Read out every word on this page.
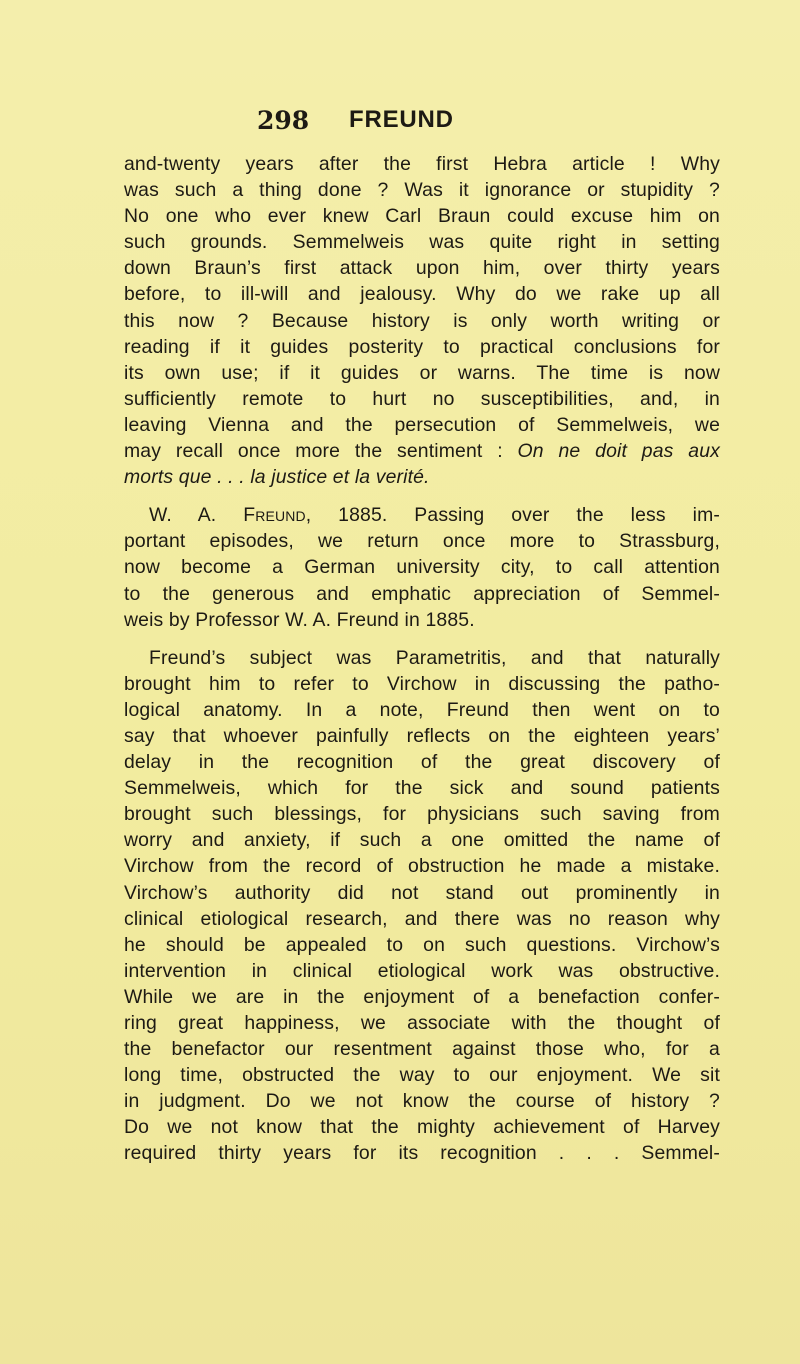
298 FREUND
and-twenty years after the first Hebra article ! Why
was such a thing done ? Was it ignorance or stupidity ?
No one who ever knew Carl Braun could excuse him on
such grounds. Semmelweis was quite right in setting
down Braun’s first attack upon him, over thirty years
before, to ill-will and jealousy. Why do we rake up all
this now ? Because history is only worth writing or
reading if it guides posterity to practical conclusions for
its own use; if it guides or warns. The time is now
sufficiently remote to hurt no susceptibilities, and, in
leaving Vienna and the persecution of Semmelweis, we
may recall once more the sentiment : On ne doit pas aux
morts que . . . la justice et la verité.
W. A. Freund, 1885. Passing over the less im-
portant episodes, we return once more to Strassburg,
now become a German university city, to call attention
to the generous and emphatic appreciation of Semmel-
weis by Professor W. A. Freund in 1885.
Freund’s subject was Parametritis, and that naturally
brought him to refer to Virchow in discussing the patho-
logical anatomy. In a note, Freund then went on to
say that whoever painfully reflects on the eighteen years’
delay in the recognition of the great discovery of
Semmelweis, which for the sick and sound patients
brought such blessings, for physicians such saving from
worry and anxiety, if such a one omitted the name of
Virchow from the record of obstruction he made a mistake.
Virchow’s authority did not stand out prominently in
clinical etiological research, and there was no reason why
he should be appealed to on such questions. Virchow’s
intervention in clinical etiological work was obstructive.
While we are in the enjoyment of a benefaction confer-
ring great happiness, we associate with the thought of
the benefactor our resentment against those who, for a
long time, obstructed the way to our enjoyment. We sit
in judgment. Do we not know the course of history ?
Do we not know that the mighty achievement of Harvey
required thirty years for its recognition . . . Semmel-
